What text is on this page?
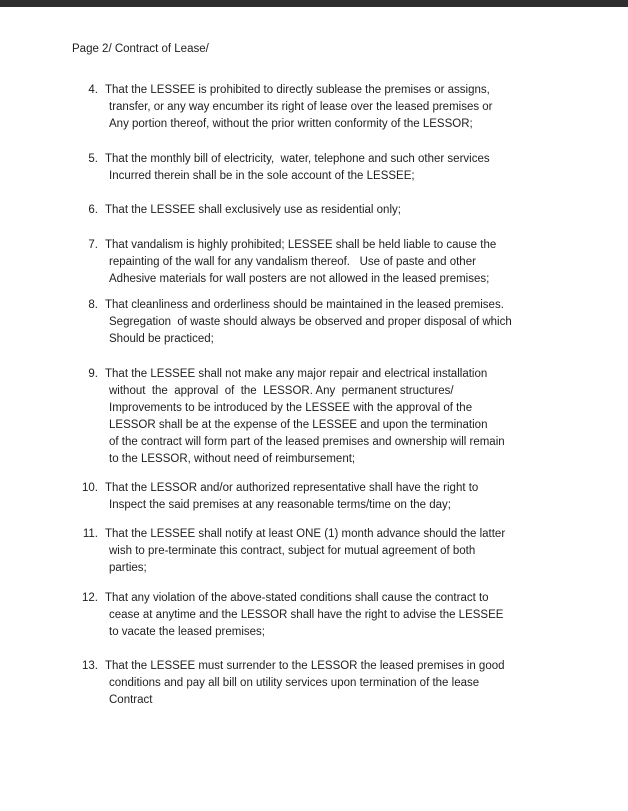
Page 2/ Contract of Lease/
4. That the LESSEE is prohibited to directly sublease the premises or assigns,
transfer, or any way encumber its right of lease over the leased premises or
Any portion thereof, without the prior written conformity of the LESSOR;
5. That the monthly bill of electricity,  water, telephone and such other services
Incurred therein shall be in the sole account of the LESSEE;
6. That the LESSEE shall exclusively use as residential only;
7. That vandalism is highly prohibited; LESSEE shall be held liable to cause the
repainting of the wall for any vandalism thereof.   Use of paste and other
Adhesive materials for wall posters are not allowed in the leased premises;
8. That cleanliness and orderliness should be maintained in the leased premises.
Segregation  of waste should always be observed and proper disposal of which
Should be practiced;
9. That the LESSEE shall not make any major repair and electrical installation
without  the  approval  of  the  LESSOR. Any  permanent structures/
Improvements to be introduced by the LESSEE with the approval of the
LESSOR shall be at the expense of the LESSEE and upon the termination
of the contract will form part of the leased premises and ownership will remain
to the LESSOR, without need of reimbursement;
10. That the LESSOR and/or authorized representative shall have the right to
Inspect the said premises at any reasonable terms/time on the day;
11. That the LESSEE shall notify at least ONE (1) month advance should the latter
wish to pre-terminate this contract, subject for mutual agreement of both
parties;
12. That any violation of the above-stated conditions shall cause the contract to
cease at anytime and the LESSOR shall have the right to advise the LESSEE
to vacate the leased premises;
13. That the LESSEE must surrender to the LESSOR the leased premises in good
conditions and pay all bill on utility services upon termination of the lease
Contract
